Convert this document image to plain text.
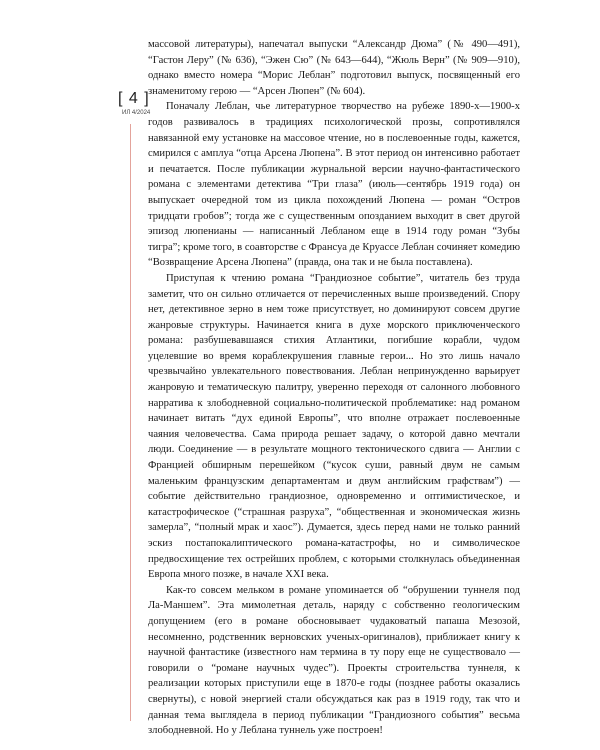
[ 4 ]
ИЛ 4/2024

массовой литературы), напечатал выпуски “Александр Дюма” (№ 490—491), “Гастон Леру” (№ 636), “Эжен Сю” (№ 643—644), “Жюль Верн” (№ 909—910), однако вместо номера “Морис Леблан” подготовил выпуск, посвященный его знаменитому герою — “Арсен Люпен” (№ 604).

Поначалу Леблан, чье литературное творчество на рубеже 1890-х—1900-х годов развивалось в традициях психологической прозы, сопротивлялся навязанной ему установке на массовое чтение, но в послевоенные годы, кажется, смирился с амплуа “отца Арсена Люпена”. В этот период он интенсивно работает и печатается. После публикации журнальной версии научно-фантастического романа с элементами детектива “Три глаза” (июль—сентябрь 1919 года) он выпускает очередной том из цикла похождений Люпена — роман “Остров тридцати гробов”; тогда же с существенным опозданием выходит в свет другой эпизод люпенианы — написанный Лебланом еще в 1914 году роман “Зубы тигра”; кроме того, в соавторстве с Франсуа де Круассе Леблан сочиняет комедию “Возвращение Арсена Люпена” (правда, она так и не была поставлена).

Приступая к чтению романа “Грандиозное событие”, читатель без труда заметит, что он сильно отличается от перечисленных выше произведений. Спору нет, детективное зерно в нем тоже присутствует, но доминируют совсем другие жанровые структуры. Начинается книга в духе морского приключенческого романа: разбушевавшаяся стихия Атлантики, погибшие корабли, чудом уцелевшие во время кораблекрушения главные герои... Но это лишь начало чрезвычайно увлекательного повествования. Леблан непринужденно варьирует жанровую и тематическую палитру, уверенно переходя от салонного любовного нарратива к злободневной социально-политической проблематике: над романом начинает витать “дух единой Европы”, что вполне отражает послевоенные чаяния человечества. Сама природа решает задачу, о которой давно мечтали люди. Соединение — в результате мощного тектонического сдвига — Англии с Францией обширным перешейком (“кусок суши, равный двум не самым маленьким французским департаментам и двум английским графствам”) — событие действительно грандиозное, одновременно и оптимистическое, и катастрофическое (“страшная разруха”, “общественная и экономическая жизнь замерла”, “полный мрак и хаос”). Думается, здесь перед нами не только ранний эскиз постапокалиптического романа-катастрофы, но и символическое предвосхищение тех острейших проблем, с которыми столкнулась объединенная Европа много позже, в начале XXI века.

Как-то совсем мельком в романе упоминается об “обрушении туннеля под Ла-Маншем”. Эта мимолетная деталь, наряду с собственно геологическим допущением (его в романе обосновывает чудаковатый папаша Мезозой, несомненно, родственник верновских ученых-оригиналов), приближает книгу к научной фантастике (известного нам термина в ту пору еще не существовало — говорили о “романе научных чудес”). Проекты строительства туннеля, к реализации которых приступили еще в 1870-е годы (позднее работы оказались свернуты), с новой энергией стали обсуждаться как раз в 1919 году, так что и данная тема выглядела в период публикации “Грандиозного события” весьма злободневной. Но у Леблана туннель уже построен!
